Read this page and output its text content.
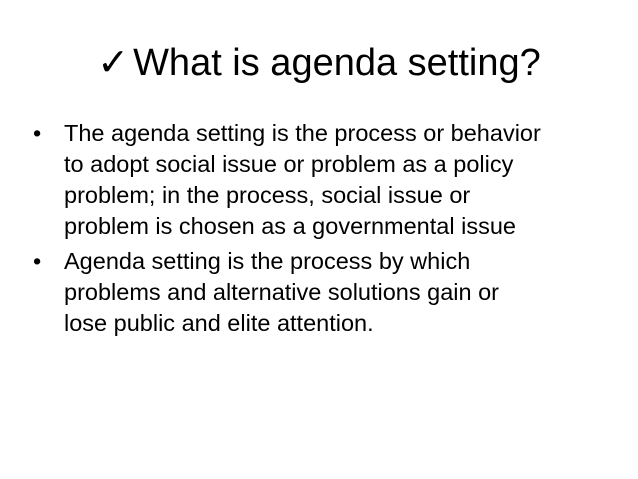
✓ What is agenda setting?
• The agenda setting is the process or behavior
to adopt social issue or problem as a policy
problem; in the process, social issue or
problem is chosen as a governmental issue
• Agenda setting is the process by which
problems and alternative solutions gain or
lose public and elite attention.
